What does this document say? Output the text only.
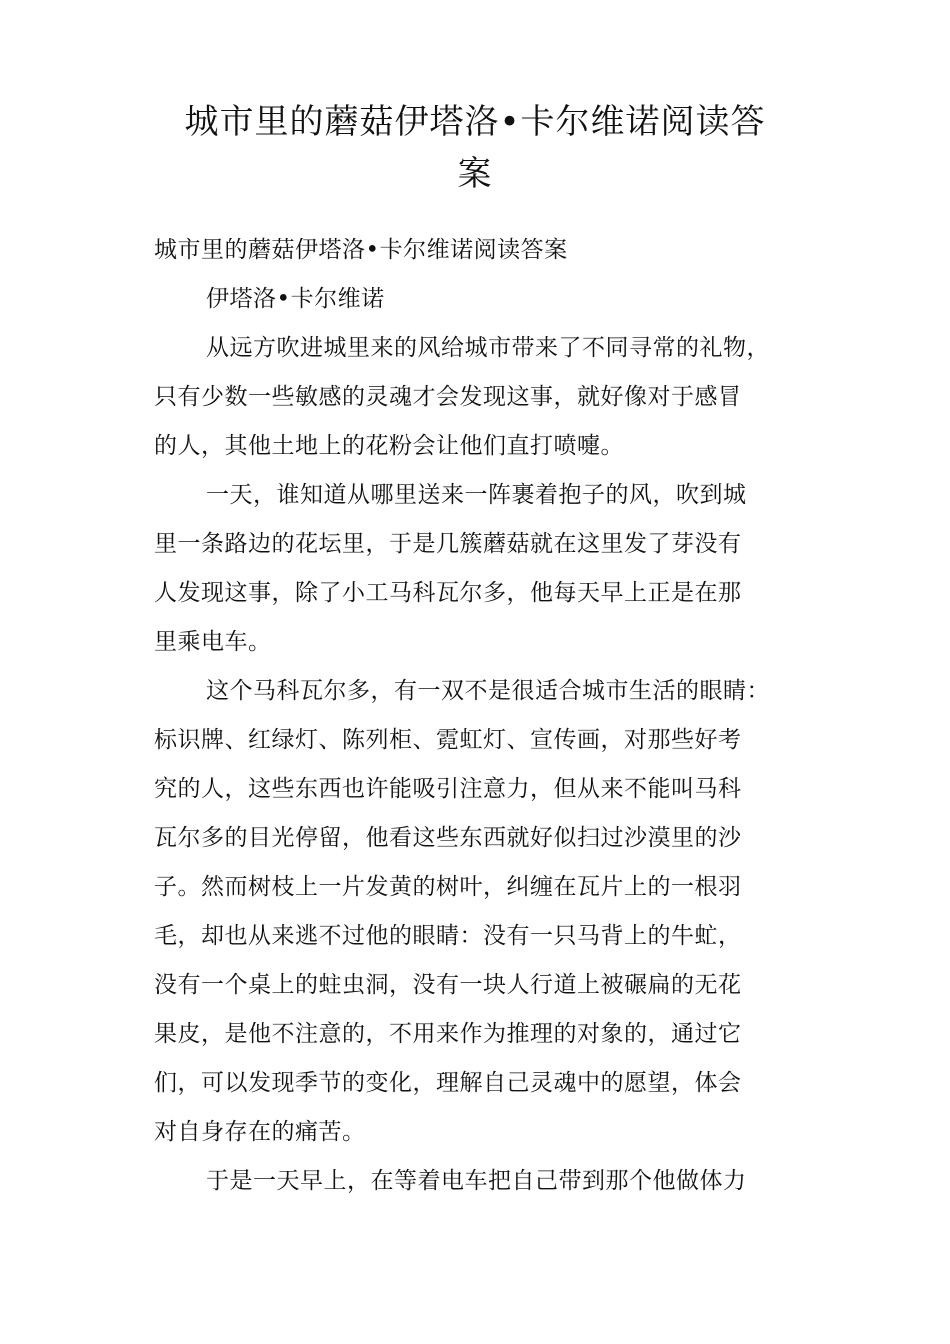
城市里的蘑菇伊塔洛•卡尔维诺阅读答
案
城市里的蘑菇伊塔洛•卡尔维诺阅读答案
伊塔洛•卡尔维诺
从远方吹进城里来的风给城市带来了不同寻常的礼物，
只有少数一些敏感的灵魂才会发现这事，就好像对于感冒
的人，其他土地上的花粉会让他们直打喷嚏。
一天，谁知道从哪里送来一阵裹着抱子的风，吹到城
里一条路边的花坛里，于是几簇蘑菇就在这里发了芽没有
人发现这事，除了小工马科瓦尔多，他每天早上正是在那
里乘电车。
这个马科瓦尔多，有一双不是很适合城市生活的眼睛：
标识牌、红绿灯、陈列柜、霓虹灯、宣传画，对那些好考
究的人，这些东西也许能吸引注意力，但从来不能叫马科
瓦尔多的目光停留，他看这些东西就好似扫过沙漠里的沙
子。然而树枝上一片发黄的树叶，纠缠在瓦片上的一根羽
毛，却也从来逃不过他的眼睛：没有一只马背上的牛虻，
没有一个桌上的蛀虫洞，没有一块人行道上被碾扁的无花
果皮，是他不注意的，不用来作为推理的对象的，通过它
们，可以发现季节的变化，理解自己灵魂中的愿望，体会
对自身存在的痛苦。
于是一天早上，在等着电车把自己带到那个他做体力
